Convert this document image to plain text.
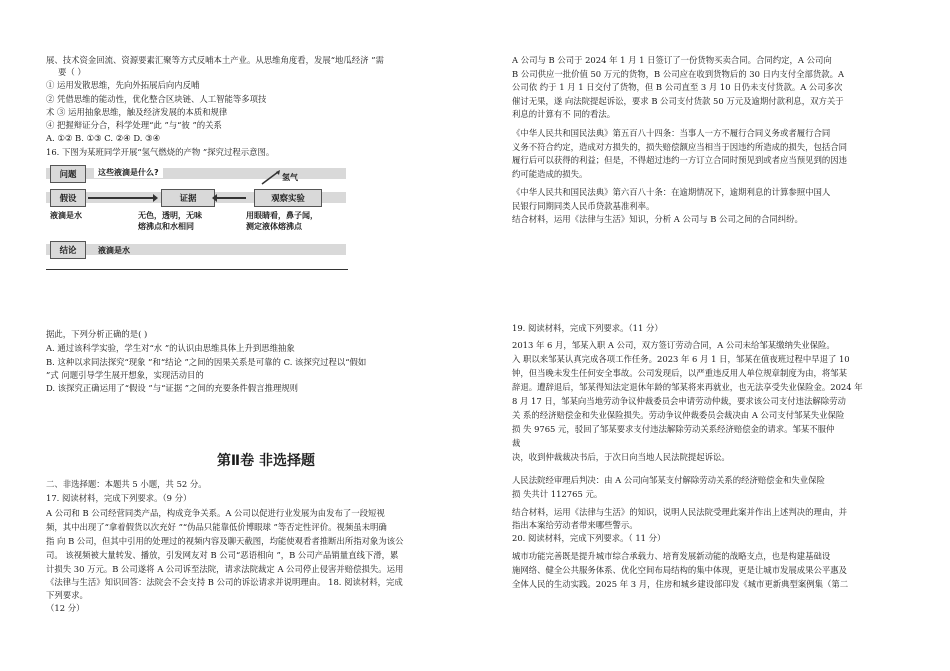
展、技术资金回流、资源要素汇聚等方式反哺本土产业。从思维角度看，发展“地瓜经济 ”需
要（ ）
① 运用发散思维，先向外拓展后向内反哺
② 凭借思维的能动性，优化整合区块链、人工智能等多项技
术 ③ 运用抽象思维，触及经济发展的本质和规律
④ 把握辩证分合，科学处理“此 ”与“彼 ”的关系
A. ①② B. ①③ C. ②④ D. ③④
16. 下图为某班同学开展“氢气燃烧的产物 ”探究过程示意图。
问题	这些液滴是什么?
氢气
假设	证据	观察实验
液滴是水	无色，透明，无味
熔沸点和水相同
用眼睛看，鼻子闻，
测定液体熔沸点
结论	液滴是水
据此，下列分析正确的是( )
A. 通过该科学实验，学生对“水 ”的认识由思维具体上升到思维抽象
B. 这种以求同法探究“现象 ”和“结论 ”之间的因果关系是可靠的 C. 该探究过程以“假如
”式 问题引导学生展开想象，实现活动目的
D. 该探究正确运用了“假设 ”与“证据 ”之间的充要条件假言推理规则
第Ⅱ卷 非选择题
二、非选择题：本题共 5 小题，共 52 分。
17. 阅读材料，完成下列要求。（9 分）
A 公司和 B 公司经营同类产品，构成竞争关系。A 公司以促进行业发展为由发布了一段短视
频，其中出现了“拿着假货以次充好 ”“伪品只能靠低价博眼球 ”等否定性评价。视频虽未明确
指 向 B 公司，但其中引用的处理过的视频内容及聊天截图，均能使观看者推断出所指对象为该公
司。 该视频被大量转发、播放，引发网友对 B 公司“恶语相向 ”，B 公司产品销量直线下滑，累
计损失 30 万元。B 公司遂将 A 公司诉至法院，请求法院裁定 A 公司停止侵害并赔偿损失。运用
《法律与生活》知识回答：法院会不会支持 B 公司的诉讼请求并说明理由。 18. 阅读材料，完成
下列要求。
（12 分）
A 公司与 B 公司于 2024 年 1 月 1 日签订了一份货物买卖合同。合同约定，A 公司向
B 公司供应一批价值 50 万元的货物，B 公司应在收到货物后的 30 日内支付全部货款。A
公司依 约于 1 月 1 日交付了货物，但 B 公司直至 3 月 10 日仍未支付货款。A 公司多次
催讨无果，遂 向法院提起诉讼，要求 B 公司支付货款 50 万元及逾期付款利息，双方关于
利息的计算有不 同的看法。
《中华人民共和国民法典》第五百八十四条：当事人一方不履行合同义务或者履行合同
义务不符合约定，造成对方损失的，损失赔偿额应当相当于因违约所造成的损失，包括合同
履行后可以获得的利益；但是，不得超过违约一方订立合同时预见到或者应当预见到的因违
约可能造成的损失。
《中华人民共和国民法典》第六百八十条：在逾期情况下，逾期利息的计算参照中国人
民银行同期同类人民币贷款基准利率。
结合材料，运用《法律与生活》知识，分析 A 公司与 B 公司之间的合同纠纷。
19. 阅读材料，完成下列要求。（11 分）
2013 年 6 月，邹某入职 A 公司，双方签订劳动合同，A 公司未给邹某缴纳失业保险。
入 职以来邹某认真完成各项工作任务。2023 年 6 月 1 日，邹某在值夜班过程中早退了 10
钟，但当晚未发生任何安全事故。公司发现后，以严重违反用人单位规章制度为由，将邹某
辞退。遭辞退后，邹某得知法定退休年龄的邹某将来再就业，也无法享受失业保险金。2024 年
8 月 17 日，邹某向当地劳动争议仲裁委员会申请劳动仲裁，要求该公司支付违法解除劳动
关 系的经济赔偿金和失业保险损失。劳动争议仲裁委员会裁决由 A 公司支付邹某失业保险
损 失 9765 元，驳回了邹某要求支付违法解除劳动关系经济赔偿金的请求。邹某不服仲
裁
决，收到仲裁裁决书后，于次日向当地人民法院提起诉讼。
人民法院经审理后判决：由 A 公司向邹某支付解除劳动关系的经济赔偿金和失业保险
损 失共计 112765 元。
结合材料，运用《法律与生活》的知识，说明人民法院受理此案并作出上述判决的理由，并
指出本案给劳动者带来哪些警示。
20. 阅读材料，完成下列要求。（ 11 分）
城市功能完善既是提升城市综合承载力、培育发展新动能的战略支点，也是构建基础设
施网络、健全公共服务体系、优化空间布局结构的集中体现，更是让城市发展成果公平惠及
全体人民的生动实践。2025 年 3 月，住房和城乡建设部印发《城市更新典型案例集（第二
